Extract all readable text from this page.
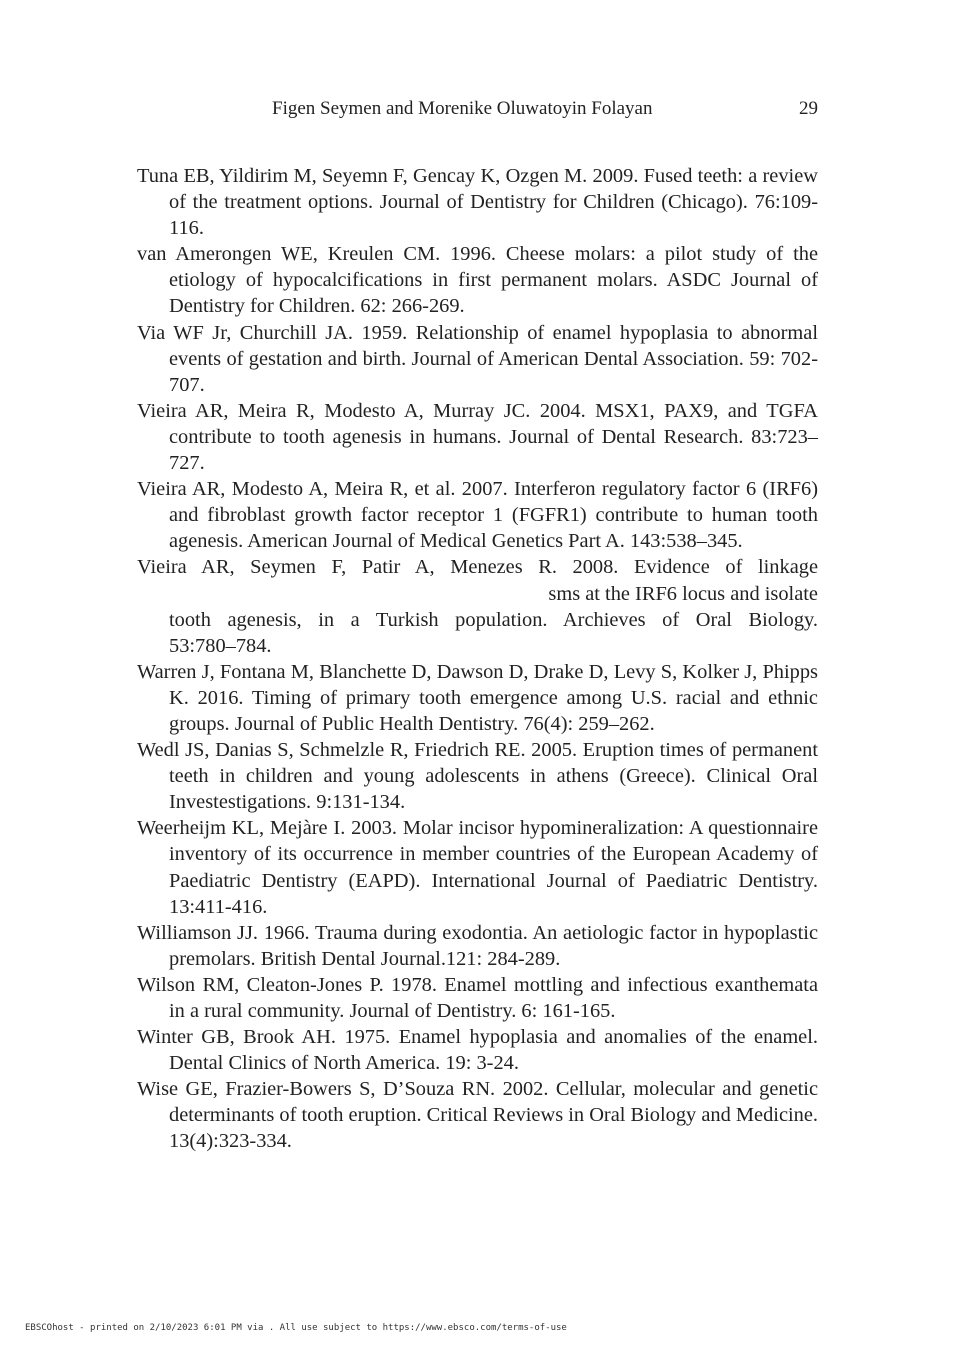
Figen Seymen and Morenike Oluwatoyin Folayan	29
Tuna EB, Yildirim M, Seyemn F, Gencay K, Ozgen M. 2009. Fused teeth: a review of the treatment options. Journal of Dentistry for Children (Chicago). 76:109-116.
van Amerongen WE, Kreulen CM. 1996. Cheese molars: a pilot study of the etiology of hypocalcifications in first permanent molars. ASDC Journal of Dentistry for Children. 62: 266-269.
Via WF Jr, Churchill JA. 1959. Relationship of enamel hypoplasia to abnormal events of gestation and birth. Journal of American Dental Association. 59: 702-707.
Vieira AR, Meira R, Modesto A, Murray JC. 2004. MSX1, PAX9, and TGFA contribute to tooth agenesis in humans. Journal of Dental Research. 83:723–727.
Vieira AR, Modesto A, Meira R, et al. 2007. Interferon regulatory factor 6 (IRF6) and fibroblast growth factor receptor 1 (FGFR1) contribute to human tooth agenesis. American Journal of Medical Genetics Part A. 143:538–345.
Vieira AR, Seymen F, Patir A, Menezes R. 2008. Evidence of linkage
sms at the IRF6 locus and isolate
tooth agenesis, in a Turkish population. Archieves of Oral Biology.
53:780–784.
Warren J, Fontana M, Blanchette D, Dawson D, Drake D, Levy S, Kolker J, Phipps K. 2016. Timing of primary tooth emergence among U.S. racial and ethnic groups. Journal of Public Health Dentistry. 76(4): 259–262.
Wedl JS, Danias S, Schmelzle R, Friedrich RE. 2005. Eruption times of permanent teeth in children and young adolescents in athens (Greece). Clinical Oral Investestigations. 9:131-134.
Weerheijm KL, Mejàre I. 2003. Molar incisor hypomineralization: A questionnaire inventory of its occurrence in member countries of the European Academy of Paediatric Dentistry (EAPD). International Journal of Paediatric Dentistry. 13:411-416.
Williamson JJ. 1966. Trauma during exodontia. An aetiologic factor in hypoplastic premolars. British Dental Journal.121: 284-289.
Wilson RM, Cleaton-Jones P. 1978. Enamel mottling and infectious exanthemata in a rural community. Journal of Dentistry. 6: 161-165.
Winter GB, Brook AH. 1975. Enamel hypoplasia and anomalies of the enamel. Dental Clinics of North America. 19: 3-24.
Wise GE, Frazier-Bowers S, D’Souza RN. 2002. Cellular, molecular and genetic determinants of tooth eruption. Critical Reviews in Oral Biology and Medicine. 13(4):323-334.
EBSCOhost - printed on 2/10/2023 6:01 PM via . All use subject to https://www.ebsco.com/terms-of-use
